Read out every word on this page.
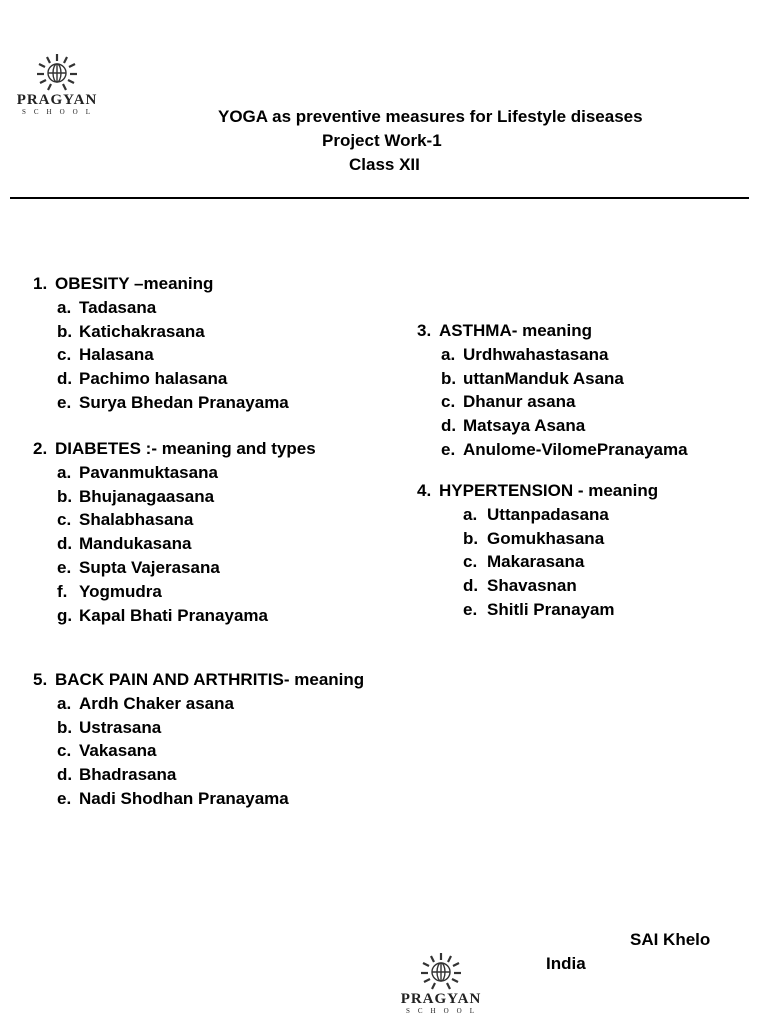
PRAGYAN
SCHOOL	YOGA as preventive measures for Lifestyle diseases
Project Work-1
Class XII
1. OBESITY –meaning
a. Tadasana
b. Katichakrasana
c. Halasana
d. Pachimo halasana
e. Surya Bhedan Pranayama
2. DIABETES :- meaning and types
a. Pavanmuktasana
b. Bhujanagaasana
c. Shalabhasana
d. Mandukasana
e. Supta Vajerasana
f. Yogmudra
g. Kapal Bhati Pranayama
3. ASTHMA- meaning
a. Urdhwahastasana
b. uttanManduk Asana
c. Dhanur asana
d. Matsaya Asana
e. Anulome-VilomePranayama
4. HYPERTENSION - meaning
a. Uttanpadasana
b. Gomukhasana
c. Makarasana
d. Shavasnan
e. Shitli Pranayam
5. BACK PAIN AND ARTHRITIS- meaning
a. Ardh Chaker asana
b. Ustrasana
c. Vakasana
d. Bhadrasana
e. Nadi Shodhan Pranayama
SAI Khelo
India
PRAGYAN
SCHOOL
